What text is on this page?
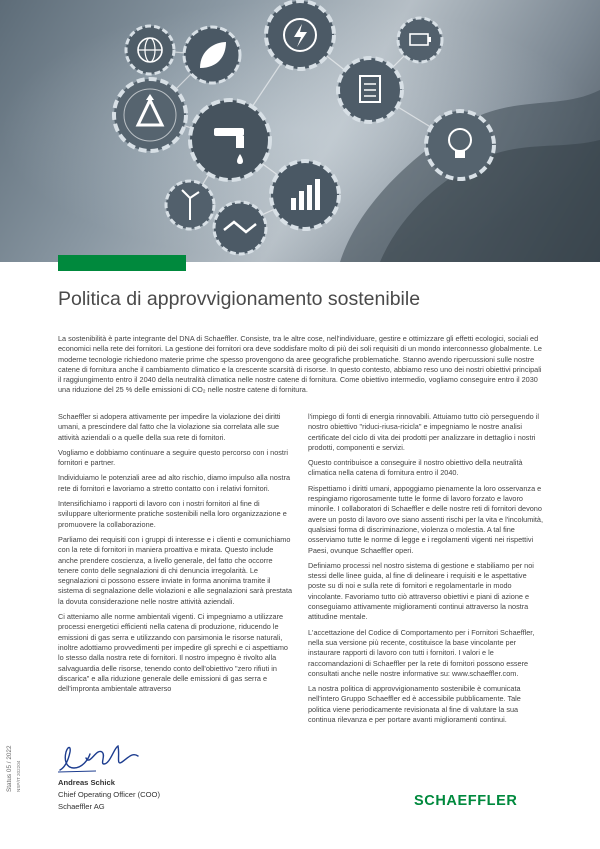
Politica di approvvigionamento sostenibile

La sostenibilità è parte integrante del DNA di Schaeffler. Consiste, tra le altre cose, nell'individuare, gestire e ottimizzare gli effetti ecologici, sociali ed economici nella rete dei fornitori. La gestione dei fornitori ora deve soddisfare molto di più dei soli requisiti di un mondo interconnesso globalmente. Le moderne tecnologie richiedono materie prime che spesso provengono da aree geografiche problematiche. Stanno avendo ripercussioni sulle nostre catene di fornitura anche il cambiamento climatico e la crescente scarsità di risorse. In questo contesto, abbiamo reso uno dei nostri obiettivi principali il raggiungimento entro il 2040 della neutralità climatica nelle nostre catene di fornitura. Come obiettivo intermedio, vogliamo conseguire entro il 2030 una riduzione del 25 % delle emissioni di CO₂ nelle nostre catene di fornitura.

Schaeffler si adopera attivamente per impedire la violazione dei diritti umani, a prescindere dal fatto che la violazione sia correlata alle sue attività aziendali o a quelle della sua rete di fornitori.

Vogliamo e dobbiamo continuare a seguire questo percorso con i nostri fornitori e partner.

Individuiamo le potenziali aree ad alto rischio, diamo impulso alla nostra rete di fornitori e lavoriamo a stretto contatto con i relativi fornitori.

Intensifichiamo i rapporti di lavoro con i nostri fornitori al fine di sviluppare ulteriormente pratiche sostenibili nella loro organizzazione e promuovere la collaborazione.

Parliamo dei requisiti con i gruppi di interesse e i clienti e comunichiamo con la rete di fornitori in maniera proattiva e mirata. Questo include anche prendere coscienza, a livello generale, del fatto che occorre tenere conto delle segnalazioni di chi denuncia irregolarità. Le segnalazioni ci possono essere inviate in forma anonima tramite il sistema di segnalazione delle violazioni e alle segnalazioni sarà prestata la dovuta considerazione nelle nostre attività aziendali.

Ci atteniamo alle norme ambientali vigenti. Ci impegniamo a utilizzare processi energetici efficienti nella catena di produzione, riducendo le emissioni di gas serra e utilizzando con parsimonia le risorse naturali, inoltre adottiamo provvedimenti per impedire gli sprechi e ci aspettiamo lo stesso dalla nostra rete di fornitori. Il nostro impegno è rivolto alla salvaguardia delle risorse, tenendo conto dell'obiettivo "zero rifiuti in discarica" e alla riduzione generale delle emissioni di gas serra e dell'impronta ambientale attraverso

l'impiego di fonti di energia rinnovabili. Attuiamo tutto ciò perseguendo il nostro obiettivo "riduci-riusa-ricicla" e impegniamo le nostre analisi certificate del ciclo di vita dei prodotti per analizzare in dettaglio i nostri prodotti, componenti e servizi.

Questo contribuisce a conseguire il nostro obiettivo della neutralità climatica nella catena di fornitura entro il 2040.

Rispettiamo i diritti umani, appoggiamo pienamente la loro osservanza e respingiamo rigorosamente tutte le forme di lavoro forzato e lavoro minorile. I collaboratori di Schaeffler e delle nostre reti di fornitori devono avere un posto di lavoro ove siano assenti rischi per la vita e l'incolumità, qualsiasi forma di discriminazione, violenza o molestia. A tal fine osserviamo tutte le norme di legge e i regolamenti vigenti nei rispettivi Paesi, ovunque Schaeffler operi.

Definiamo processi nel nostro sistema di gestione e stabiliamo per noi stessi delle linee guida, al fine di delineare i requisiti e le aspettative poste su di noi e sulla rete di fornitori e regolamentarle in modo vincolante. Favoriamo tutto ciò attraverso obiettivi e piani di azione e conseguiamo attivamente miglioramenti continui attraverso la nostra attitudine mentale.

L'accettazione del Codice di Comportamento per i Fornitori Schaeffler, nella sua versione più recente, costituisce la base vincolante per instaurare rapporti di lavoro con tutti i fornitori. I valori e le raccomandazioni di Schaeffler per la rete di fornitori possono essere consultati anche nelle nostre informative su: www.schaeffler.com.

La nostra politica di approvvigionamento sostenibile è comunicata nell'intero Gruppo Schaeffler ed è accessibile pubblicamente. Tale politica viene periodicamente revisionata al fine di valutare la sua continua rilevanza e per portare avanti miglioramenti continui.

Andreas Schick
Chief Operating Officer (COO)
Schaeffler AG
Status 05 / 2022 NSP/IT 202204
SCHAEFFLER
